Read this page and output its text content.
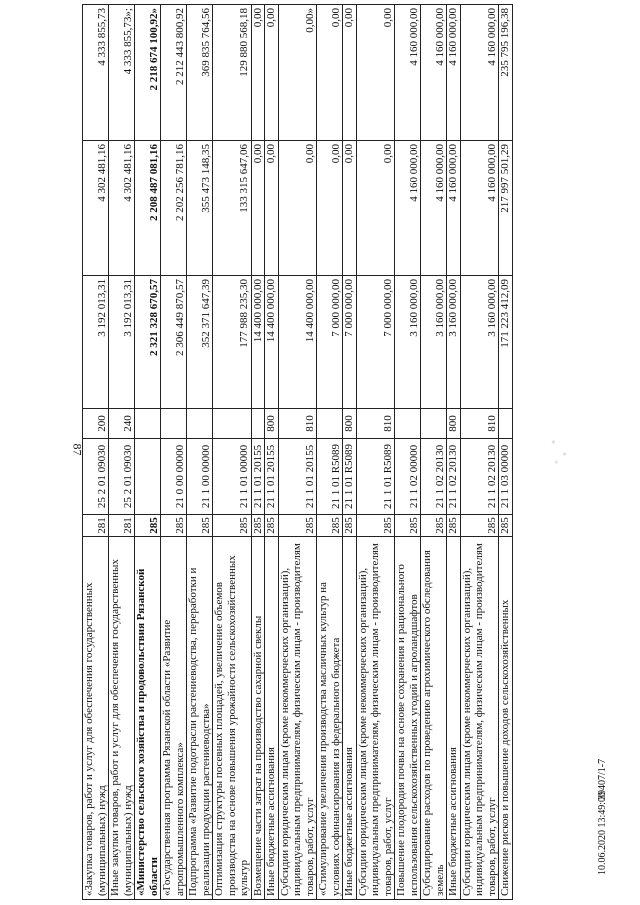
87
10.06.2020 13:49:00
39407/1-7
«Закупка товаров, работ и услуг для обеспечения государственных (муниципальных) нужд	281	25 2 01 09030	200	3 192 013,31	4 302 481,16	4 333 855,73
Иные закупки товаров, работ и услуг для обеспечения государственных (муниципальных) нужд	281	25 2 01 09030	240	3 192 013,31	4 302 481,16	4 333 855,73»;
«Министерство сельского хозяйства и продовольствия Рязанской области	285			2 321 328 670,57	2 208 487 081,16	2 218 674 100,92»
«Государственная программа Рязанской области «Развитие агропромышленного комплекса»	285	21 0 00 00000		2 306 449 870,57	2 202 256 781,16	2 212 443 800,92
Подпрограмма «Развитие подотрасли растениеводства, переработки и реализации продукции растениеводства»	285	21 1 00 00000		352 371 647,39	355 473 148,35	369 835 764,56
Оптимизация структуры посевных площадей, увеличение объемов производства на основе повышения урожайности сельскохозяйственных культур	285	21 1 01 00000		177 988 235,30	133 315 647,06	129 880 568,18
Возмещение части затрат на производство сахарной свеклы	285	21 1 01 20155		14 400 000,00	0,00	0,00
Иные бюджетные ассигнования	285	21 1 01 20155	800	14 400 000,00	0,00	0,00
Субсидии юридическим лицам (кроме некоммерческих организаций), индивидуальным предпринимателям, физическим лицам - производителям товаров, работ, услуг	285	21 1 01 20155	810	14 400 000,00	0,00	0,00»
«Стимулирование увеличения производства масличных культур на условиях софинансирования из федерального бюджета	285	21 1 01 R5089		7 000 000,00	0,00	0,00
Иные бюджетные ассигнования	285	21 1 01 R5089	800	7 000 000,00	0,00	0,00
Субсидии юридическим лицам (кроме некоммерческих организаций), индивидуальным предпринимателям, физическим лицам - производителям товаров, работ, услуг	285	21 1 01 R5089	810	7 000 000,00	0,00	0,00
Повышение плодородия почвы на основе сохранения и рационального использования сельскохозяйственных угодий и агроландшафтов	285	21 1 02 00000		3 160 000,00	4 160 000,00	4 160 000,00
Субсидирование расходов по проведению агрохимического обследования земель	285	21 1 02 20130		3 160 000,00	4 160 000,00	4 160 000,00
Иные бюджетные ассигнования	285	21 1 02 20130	800	3 160 000,00	4 160 000,00	4 160 000,00
Субсидии юридическим лицам (кроме некоммерческих организаций), индивидуальным предпринимателям, физическим лицам - производителям товаров, работ, услуг	285	21 1 02 20130	810	3 160 000,00	4 160 000,00	4 160 000,00
Снижение рисков и повышение доходов сельскохозяйственных	285	21 1 03 00000		171 223 412,09	217 997 501,29	235 795 196,38
